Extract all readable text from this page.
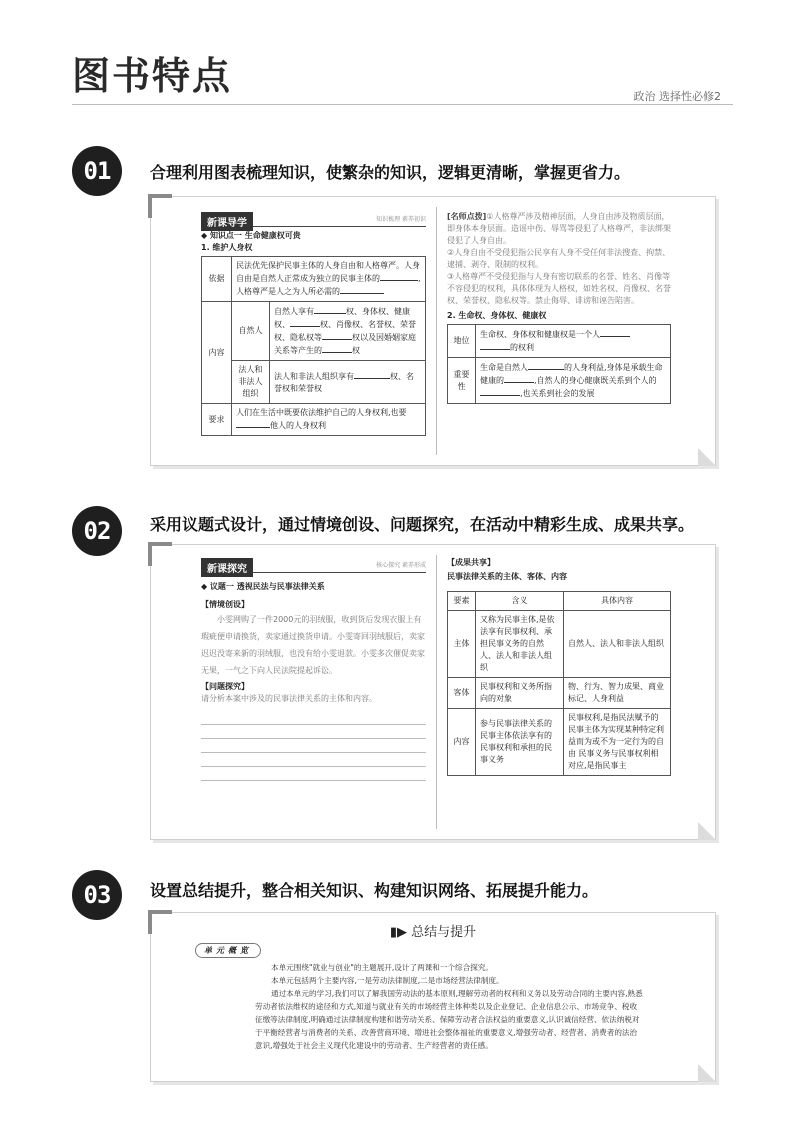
图书特点	政治 选择性必修2
01	合理利用图表梳理知识，使繁杂的知识，逻辑更清晰，掌握更省力。
新课导学	知识梳理 素养初识
◆ 知识点一 生命健康权可贵
1. 维护人身权
依据	民法优先保护民事主体的人身自由和人格尊严。人身自由是自然人正常成为独立的民事主体的 ,人格尊严是人之为人所必需的	
内容	自然人	自然人享有 权、身体权、健康权、 权、肖像权、名誉权、荣誉权、隐私权等 权以及因婚姻家庭关系等产生的 权
	法人和非法人组织	法人和非法人组织享有 权、名誉权和荣誉权
要求	人们在生活中既要依法维护自己的人身权利,也要他人的人身权利	
[名师点拨]①人格尊严涉及精神层面，人身自由涉及物质层面，即身体本身层面。造谣中伤、辱骂等侵犯了人格尊严，非法绑架侵犯了人身自由。
②人身自由不受侵犯指公民享有人身不受任何非法搜查、拘禁、逮捕、剥夺、限制的权利。
③人格尊严不受侵犯指与人身有密切联系的名誉、姓名、肖像等不容侵犯的权利，具体体现为人格权，如姓名权、肖像权、名誉权、荣誉权、隐私权等。禁止侮辱、诽谤和诬告陷害。
2. 生命权、身体权、健康权
地位	生命权、身体权和健康权是一个人
的权利
重要性	生命是自然人 的人身利益,身体是承载生命健康的 ,自然人的身心健康既关系到个人的,也关系到社会的发展
02	采用议题式设计，通过情境创设、问题探究，在活动中精彩生成、成果共享。
新课探究	核心探究 素养形成
◆ 议题一 透视民法与民事法律关系
【情境创设】
小雯网购了一件2000元的羽绒服，收到货后发现衣服上有瑕疵便申请换货，卖家通过换货申请。小雯寄回羽绒服后，卖家迟迟没寄来新的羽绒服，也没有给小雯退款。小雯多次催促卖家无果，一气之下向人民法院提起诉讼。
【问题探究】
请分析本案中涉及的民事法律关系的主体和内容。
【成果共享】
民事法律关系的主体、客体、内容
要素	含义	具体内容
主体	又称为民事主体,是依法享有民事权利、承担民事义务的自然人、法人和非法人组织	自然人、法人和非法人组织
客体	民事权利和义务所指向的对象	物、行为、智力成果、商业标记、人身利益
内容	参与民事法律关系的民事主体依法享有的民事权利和承担的民事义务	民事权利,是指民法赋予的民事主体为实现某种特定利益而为或不为一定行为的自由 民事义务与民事权利相对应,是指民事主
03	设置总结提升，整合相关知识、构建知识网络、拓展提升能力。
▮▶ 总结与提升
单元概览

本单元围绕"就业与创业"的主题展开,设计了两课和一个综合探究。

本单元包括两个主要内容,一是劳动法律制度,二是市场经营法律制度。

通过本单元的学习,我们可以了解我国劳动法的基本原则,理解劳动者的权利和义务以及劳动合同的主要内容,熟悉劳动者依法维权的途径和方式,知道与就业有关的市场经营主体种类以及企业登记、企业信息公示、市场竞争、税收征缴等法律制度,明确通过法律制度构建和谐劳动关系、保障劳动者合法权益的重要意义,认识诚信经营、依法纳税对于平衡经营者与消费者的关系、改善营商环境、增进社会整体福祉的重要意义,增强劳动者、经营者、消费者的法治意识,增强处于社会主义现代化建设中的劳动者、生产经营者的责任感。
